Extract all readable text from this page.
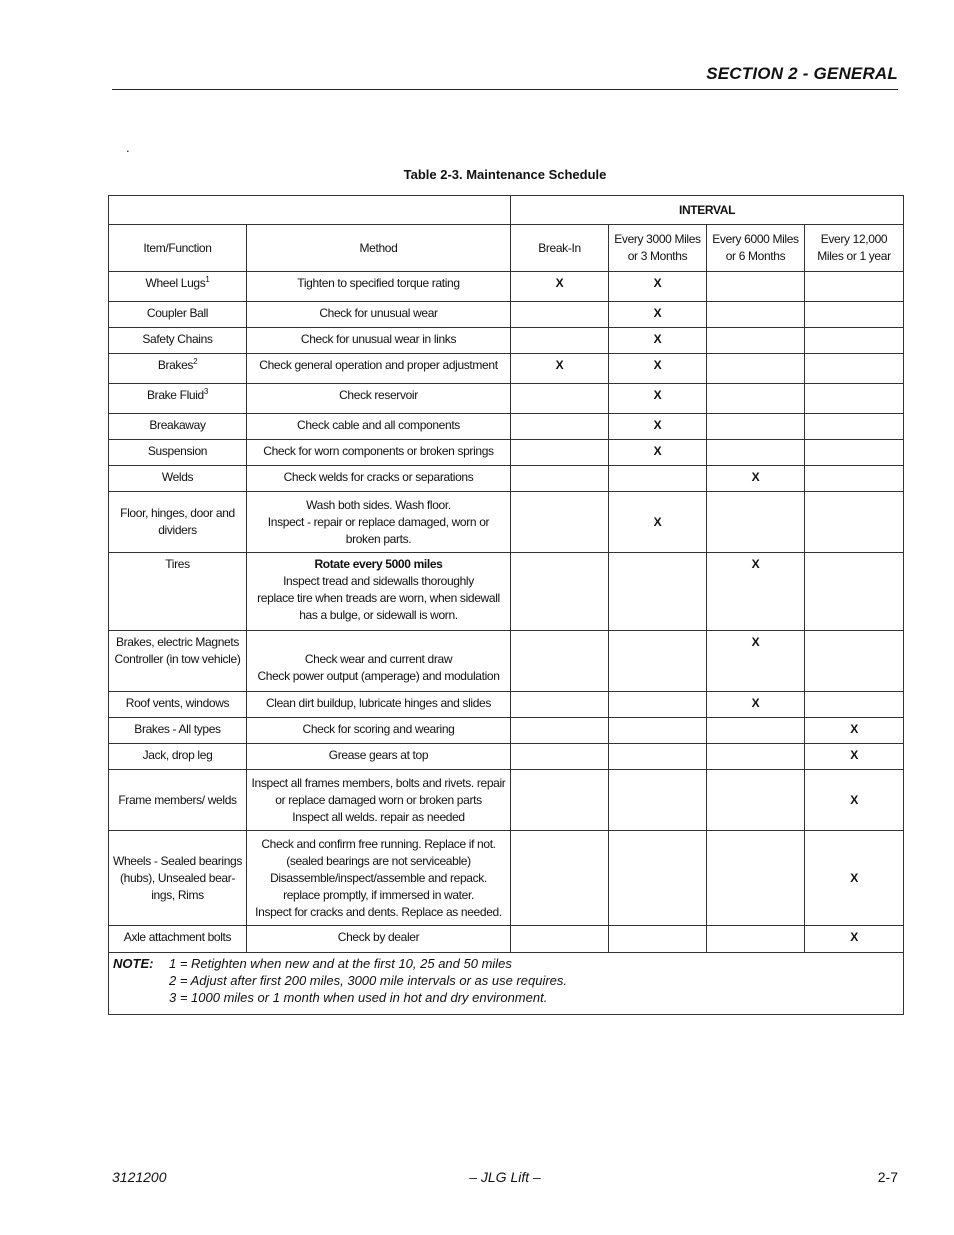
SECTION 2 - GENERAL
.
Table 2-3. Maintenance Schedule
		INTERVAL			
Item/Function	Method	Break-In	Every 3000 Miles or 3 Months	Every 6000 Miles or 6 Months	Every 12,000 Miles or 1 year
Wheel Lugs$^1$	Tighten to specified torque rating	X	X		
Coupler Ball	Check for unusual wear		X		
Safety Chains	Check for unusual wear in links		X		
Brakes$^2$	Check general operation and proper adjustment	X	X		
Brake Fluid$^3$	Check reservoir		X		
Breakaway	Check cable and all components		X		
Suspension	Check for worn components or broken springs		X		
Welds	Check welds for cracks or separations			X	
Floor, hinges, door and dividers	Wash both sides. Wash floor.
Inspect - repair or replace damaged, worn or broken parts.		X		
Tires	Rotate every 5000 miles
Inspect tread and sidewalls thoroughly
replace tire when treads are worn, when sidewall has a bulge, or sidewall is worn.			X	
Brakes, electric Magnets Controller (in tow vehicle)	Check wear and current draw
Check power output (amperage) and modulation			X	
Roof vents, windows	Clean dirt buildup, lubricate hinges and slides			X	
Brakes - All types	Check for scoring and wearing				X
Jack, drop leg	Grease gears at top				X
Frame members/ welds	Inspect all frames members, bolts and rivets. repair or replace damaged worn or broken parts
Inspect all welds. repair as needed				X
Wheels - Sealed bearings (hubs), Unsealed bear-ings, Rims	Check and confirm free running. Replace if not.
(sealed bearings are not serviceable)
Disassemble/inspect/assemble and repack.
replace promptly, if immersed in water.
Inspect for cracks and dents. Replace as needed.				X
Axle attachment bolts	Check by dealer				X

NOTE: 1 = Retighten when new and at the first 10, 25 and 50 miles
2 = Adjust after first 200 miles, 3000 mile intervals or as use requires.
3 = 1000 miles or 1 month when used in hot and dry environment.					
3121200	– JLG Lift –	2-7
